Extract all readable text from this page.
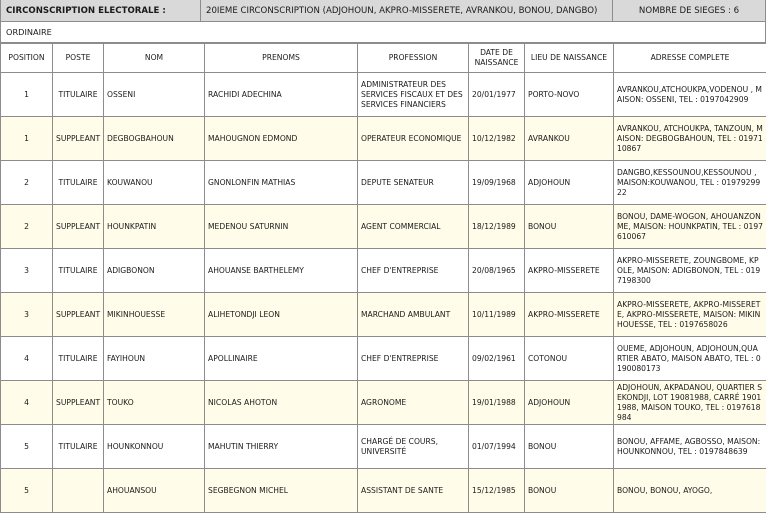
CIRCONSCRIPTION ELECTORALE :	20IEME CIRCONSCRIPTION (ADJOHOUN, AKPRO-MISSERETE, AVRANKOU, BONOU, DANGBO)	NOMBRE DE SIEGES : 6
ORDINAIRE
POSITION	POSTE	NOM	PRENOMS	PROFESSION	DATE DE NAISSANCE	LIEU DE NAISSANCE	ADRESSE COMPLETE
1	TITULAIRE	OSSENI	RACHIDI ADECHINA	ADMINISTRATEUR DES SERVICES FISCAUX ET DES SERVICES FINANCIERS	20/01/1977	PORTO-NOVO	AVRANKOU,ATCHOUKPA,VODENOU , MAISON: OSSENI, TEL : 0197042909
1	SUPPLEANT	DEGBOGBAHOUN	MAHOUGNON EDMOND	OPERATEUR ECONOMIQUE	10/12/1982	AVRANKOU	AVRANKOU, ATCHOUKPA, TANZOUN, MAISON: DEGBOGBAHOUN, TEL : 0197110867
2	TITULAIRE	KOUWANOU	GNONLONFIN MATHIAS	DEPUTE SENATEUR	19/09/1968	ADJOHOUN	DANGBO,KESSOUNOU,KESSOUNOU ,MAISON:KOUWANOU, TEL : 0197929922
2	SUPPLEANT	HOUNKPATIN	MEDENOU SATURNIN	AGENT COMMERCIAL	18/12/1989	BONOU	BONOU, DAME-WOGON, AHOUANZONME, MAISON: HOUNKPATIN, TEL : 0197610067
3	TITULAIRE	ADIGBONON	AHOUANSE BARTHELEMY	CHEF D'ENTREPRISE	20/08/1965	AKPRO-MISSERETE	AKPRO-MISSERETE, ZOUNGBOME, KPOLE, MAISON: ADIGBONON, TEL : 0197198300
3	SUPPLEANT	MIKINHOUESSE	ALIHETONDJI LEON	MARCHAND AMBULANT	10/11/1989	AKPRO-MISSERETE	AKPRO-MISSERETE, AKPRO-MISSERETE, AKPRO-MISSERETE, MAISON: MIKINHOUESSE, TEL : 0197658026
4	TITULAIRE	FAYIHOUN	APOLLINAIRE	CHEF D'ENTREPRISE	09/02/1961	COTONOU	OUEME, ADJOHOUN, ADJOHOUN,QUARTIER ABATO, MAISON ABATO, TEL : 0190080173
4	SUPPLEANT	TOUKO	NICOLAS AHOTON	AGRONOME	19/01/1988	ADJOHOUN	ADJOHOUN, AKPADANOU, QUARTIER SEKONDJI, LOT 19081988, CARRÉ 19011988, MAISON TOUKO, TEL : 0197618984
5	TITULAIRE	HOUNKONNOU	MAHUTIN THIERRY	CHARGÉ DE COURS, UNIVERSITÉ	01/07/1994	BONOU	BONOU, AFFAME, AGBOSSO, MAISON: HOUNKONNOU, TEL : 0197848639
5		AHOUANSOU	SEGBEGNON MICHEL	ASSISTANT DE SANTE	15/12/1985	BONOU	BONOU, BONOU, AYOGO,
